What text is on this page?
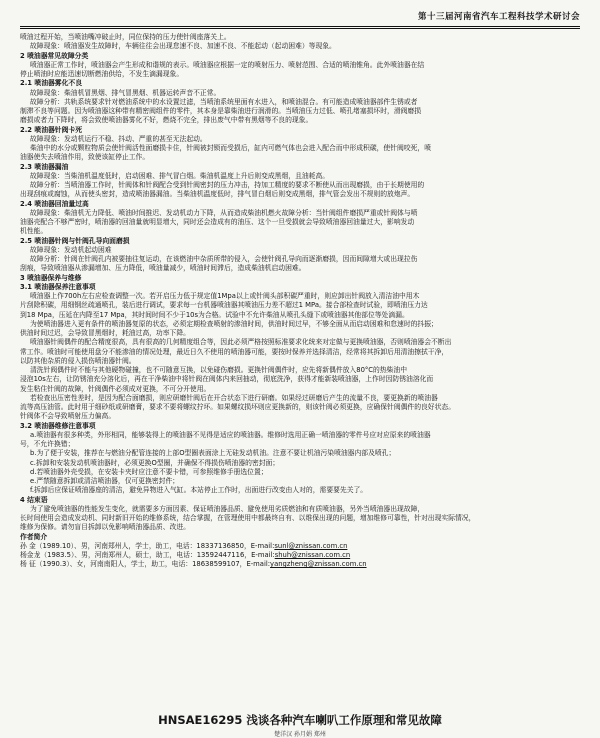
第十三届河南省汽车工程科技学术研讨会

喷油过程开始，当喷油嘴冲破止时，同位保持的压力使针阀座落关上。

故障现象：喷油器发生故障时，车辆往往会出现怠速不良、加速不良、不能起动（起动困难）等现象。

2 喷油器常见故障分类

喷油器正常工作时，喷油器会产生形成和谐规的表示。喷油器应根据一定的喷射压力、喷射范围、合适的喷油锥角。此外喷油器在结

停止喷油时应能迅速切断燃油供给，不发生滴漏现象。

2.1 喷油器雾化不良

故障现象：柴油机冒黑烟、排气冒黑烟、机器运转声音不正常。

故障分析：共轨系统要求针对燃油系统中的水设置过滤，当喷油系统里面有水进入，和喷油混合。有可能造成喷油器部件生锈或者

制滞不良等问题。因为喷油器这种带有精密阀组件的零件，其本身是靠柴油进行润滑的。当喷油压力过低、喷孔堵塞损坏时，滑阀磨损

磨损或者力下降时，将会致使喷油器雾化不好，燃烧不完全，排出废气中带有黑烟等不良的现象。

2.2 喷油器针阀卡死

故障现象：发动机运行不稳、抖动、严重的甚至无法起动。

柴油中的水分或颗粒物质会使针阀活性面磨损卡住，针阀被封锁而受损后，缸内可燃气体也会进入配合而中形成积碳，使针阀咬死，喷

油器使失去喷油作用，致使该缸停止工作。

2.3 喷油器漏油

故障现象：当柴油机温度低时，启动困难、排气冒白烟。柴油机温度上升后则变成黑烟，且油耗高。

故障分析：当喷油器工作时，针阀体和针阀配合受到针阀密封的压力冲击，持加工精度的要求不断使从而出现磨损，由于长期使用的

出现刮痕或腐蚀，从而使头密封，造成喷油器漏油。当柴油机温度低时，排气冒白烟后则变成黑烟，排气管会发出不规则的放炮声。

2.4 喷油器回油量过高

故障现象：柴油机无力降低、喷油时间推迟、发动机动力下降，从而造成柴油机燃火故障分析：当针阀组件磨损严重或针阀体与喷

油器壳配合不够严密时，喷油器的回油量就明显增大，同时还会造成有的油压、这个一旦受损就会导致喷油器回油量过大，影响发动

机性能。

2.5 喷油器针阀与针阀孔导向面磨损

故障现象：发动机起动困难

故障分析：针阀在针阀孔内被要抽往复运动，在该燃油中杂质所带的侵入，会使针阀孔导向而逐渐磨损，因而间隙增大或出现拉伤

刮痕，导致喷油器从渗漏增加、压力降低，喷油量减少，喷油时间滞后，造成柴油机启动困难。

3 喷油器保养与维修

3.1 喷油器保养注意事项

喷油器上作700h左右应检查调整一次。若开启压力低于规定值1Mpa以上或针阀头部积碳严重时，则应卸出针阀放入清洁油中用木

片刮除积碳，用细钢丝疏通喷孔，装后进行调试，要求每一台机器喷油器其喷油压力差不超过1 MPa。接合部检查时试验，即喷油压力达

到18 Mpa，压延在内降至17 Mpa，其时间时间不少于10s为合格。试验中不允许柴油从喷孔头缝下或喷油器其他部位等处滴漏。

为使喷油器进入更有条件的喷油器复原的状态，必须定期检查喷射的渗油时间，供油时间过早，不够全面从而启动困难和怠速时的抖振；

供油时间过迟，会导致冒黑烟时，耗油过高，功率下降。

喷油器针阀偶件的配合精度很高，具有很高的几何精度组合等，因此必须严格按照标准要求化统来对定做与更换喷油器，否则喷油器会不断出

常工作。喷油时可能使用盘分不能渗油的情况处理，最近日久不使用的喷油器可能，要按时保养并选择清洁，经常将其拆卸后用清油擦拭干净，

以防其他杂质的侵入损伤喷油器针阀。

清洗针阀偶件时不能与其他硬物碰撞，也不可随意互换，以免碰伤磨损。更换针阀偶件时，应先将新偶件放入80°C的热柴油中

浸泡10s左右，让防锈油充分溶化后，再在干净柴油中将针阀在阀体内来回抽动，彻底洗净，获得才能新装喷油器，上作时因防锈油溶化而

发生粘住针阀的故障，针阀偶件必须成对更换，不可分开使用。

若检查出压密性差时，是因为配合面磨损，则应研磨针阀后在开合状态下进行研磨。如果经过研磨后产生的流量不良，要更换新的喷油器

流等高压油管。此时用于细砂纸或研磨膏，要求不要将螺纹拧坏。如果螺纹损坏则应更换新的，则该针阀必须更换，应确保针阀偶件的良好状态。

针阀体不会导致喷射压力偏高。

3.2 喷油器维修注意事项

a.喷油器有很多种类，外形相同，能够装得上的喷油器不见得是适应的喷油器。维修时选用正确一喷油器的零件号应对应原来的喷油器

号，不允许换错；

b.为了便于安装，推荐在与燃油分配管连接的上部O型圈表面涂上无硅发动机油。注意不要让机油污染喷油器内部及喷孔；

c.拆卸和安装发动机喷油器时，必须更换O型圈，并确保不得损伤喷油器的密封面；

d.若喷油器外壳受损，在安装卡夹时应注意不要卡错，可参照维修手册选位置；

e.严禁随意拆卸或清洁喷油器，仅可更换密封件；

f.拆卸后应保证喷油器座的清洁，避免异物进入气缸。本站停止工作时，出面进行改变由人对的，需要要先关了。

4 结束语

为了避免喷油器的性能发生变化，就需要多方面因素、保证喷油器品质、避免使用劣质燃油和有质喷油器，另外当喷油器出现故障，

长时间使用会造成发动机、同时新旧开始的维修系统，结合掌握，在管理使用中都最终自有、以维保出现的问题，增加维修可靠性，针对出现实际情况，

维修为保修。请勿盲目拆卸以免影响喷油器品质、改进。

作者简介

孙 金（1989.10）、男，河南郑州人，学士，助工，电话：18337136850，E-mail:sunl@znissan.com.cn

杨金龙（1983.5）、男，河南郑州人，硕士，助工，电话：13592447116，E-mail:shuh@znissan.com.cn

杨 征（1990.3）、女，河南南阳人，学士，助工，电话：18638599107，E-mail:yangzheng@znissan.com.cn

HNSAE16295 浅谈各种汽车喇叭工作原理和常见故障
楚洋汉 孙月娟 郑州
